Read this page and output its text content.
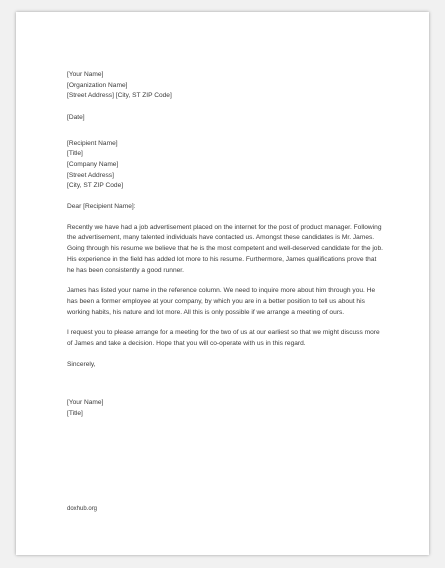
[Your Name]
[Organization Name]
[Street Address] [City, ST ZIP Code]
[Date]
[Recipient Name]
[Title]
[Company Name]
[Street Address]
[City, ST ZIP Code]
Dear [Recipient Name]:

Recently we have had a job advertisement placed on the internet for the post of product manager. Following the advertisement, many talented individuals have contacted us. Amongst these candidates is Mr. James. Going through his resume we believe that he is the most competent and well-deserved candidate for the job. His experience in the field has added lot more to his resume. Furthermore, James qualifications prove that he has been consistently a good runner.

James has listed your name in the reference column. We need to inquire more about him through you. He has been a former employee at your company, by which you are in a better position to tell us about his working habits, his nature and lot more. All this is only possible if we arrange a meeting of ours.

I request you to please arrange for a meeting for the two of us at our earliest so that we might discuss more of James and take a decision. Hope that you will co-operate with us in this regard.

Sincerely,
[Your Name]
[Title]
doxhub.org
